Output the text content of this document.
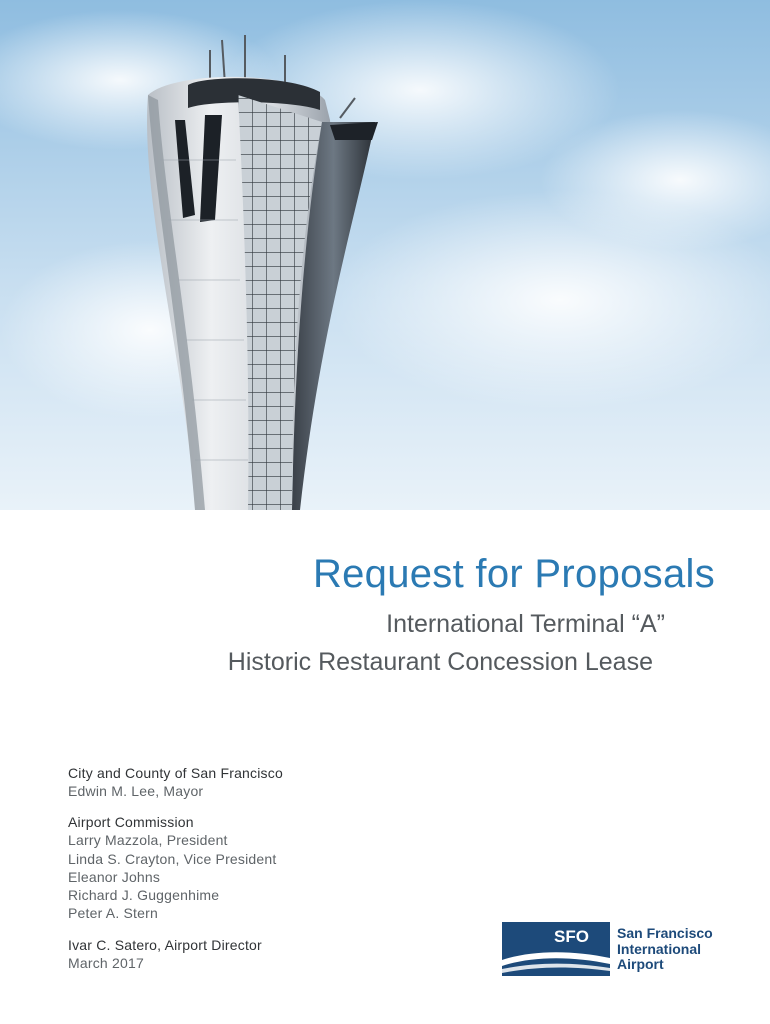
Request for Proposals
International Terminal “A”
Historic Restaurant Concession Lease
City and County of San Francisco
Edwin M. Lee, Mayor
Airport Commission
Larry Mazzola, President
Linda S. Crayton, Vice President
Eleanor Johns
Richard J. Guggenhime
Peter A. Stern
Ivar C. Satero, Airport Director
March 2017
SFO San Francisco
International
Airport
